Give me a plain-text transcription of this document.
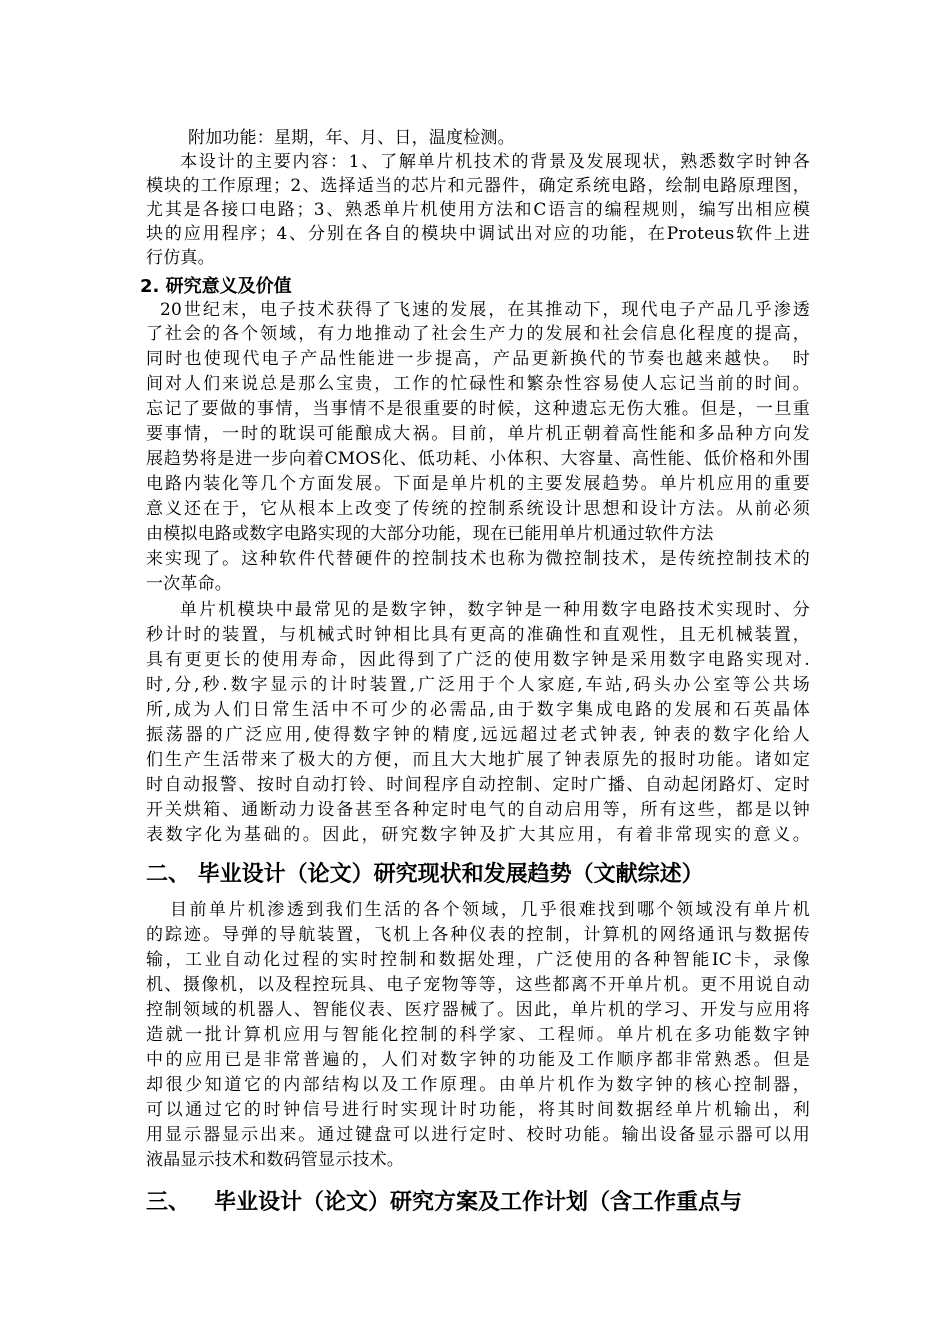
附加功能：星期，年、月、日，温度检测。
本设计的主要内容：1、了解单片机技术的背景及发展现状，熟悉数字时钟各
模块的工作原理；2、选择适当的芯片和元器件，确定系统电路，绘制电路原理图，
尤其是各接口电路；3、熟悉单片机使用方法和C语言的编程规则，编写出相应模
块的应用程序；4、分别在各自的模块中调试出对应的功能，在Proteus软件上进
行仿真。
2. 研究意义及价值
20世纪末，电子技术获得了飞速的发展，在其推动下，现代电子产品几乎渗透
了社会的各个领域，有力地推动了社会生产力的发展和社会信息化程度的提高，
同时也使现代电子产品性能进一步提高，产品更新换代的节奏也越来越快。　时
间对人们来说总是那么宝贵，工作的忙碌性和繁杂性容易使人忘记当前的时间。
忘记了要做的事情，当事情不是很重要的时候，这种遗忘无伤大雅。但是，一旦重
要事情，一时的耽误可能酿成大祸。目前，单片机正朝着高性能和多品种方向发
展趋势将是进一步向着CMOS化、低功耗、小体积、大容量、高性能、低价格和外围
电路内装化等几个方面发展。下面是单片机的主要发展趋势。单片机应用的重要
意义还在于，它从根本上改变了传统的控制系统设计思想和设计方法。从前必须
由模拟电路或数字电路实现的大部分功能，现在已能用单片机通过软件方法
来实现了。这种软件代替硬件的控制技术也称为微控制技术，是传统控制技术的
一次革命。
单片机模块中最常见的是数字钟，数字钟是一种用数字电路技术实现时、分
秒计时的装置，与机械式时钟相比具有更高的准确性和直观性，且无机械装置，
具有更更长的使用寿命，因此得到了广泛的使用数字钟是采用数字电路实现对.
时,分,秒.数字显示的计时装置,广泛用于个人家庭,车站,码头办公室等公共场
所,成为人们日常生活中不可少的必需品,由于数字集成电路的发展和石英晶体
振荡器的广泛应用,使得数字钟的精度,远远超过老式钟表, 钟表的数字化给人
们生产生活带来了极大的方便，而且大大地扩展了钟表原先的报时功能。诸如定
时自动报警、按时自动打铃、时间程序自动控制、定时广播、自动起闭路灯、定时
开关烘箱、通断动力设备甚至各种定时电气的自动启用等，所有这些，都是以钟
表数字化为基础的。因此，研究数字钟及扩大其应用，有着非常现实的意义。
二、 毕业设计（论文）研究现状和发展趋势（文献综述）
目前单片机渗透到我们生活的各个领域，几乎很难找到哪个领域没有单片机
的踪迹。导弹的导航装置，飞机上各种仪表的控制，计算机的网络通讯与数据传
输，工业自动化过程的实时控制和数据处理，广泛使用的各种智能IC卡，录像
机、摄像机，以及程控玩具、电子宠物等等，这些都离不开单片机。更不用说自动
控制领域的机器人、智能仪表、医疗器械了。因此，单片机的学习、开发与应用将
造就一批计算机应用与智能化控制的科学家、工程师。单片机在多功能数字钟
中的应用已是非常普遍的，人们对数字钟的功能及工作顺序都非常熟悉。但是
却很少知道它的内部结构以及工作原理。由单片机作为数字钟的核心控制器，
可以通过它的时钟信号进行时实现计时功能，将其时间数据经单片机输出，利
用显示器显示出来。通过键盘可以进行定时、校时功能。输出设备显示器可以用
液晶显示技术和数码管显示技术。
三、	毕业设计（论文）研究方案及工作计划（含工作重点与
